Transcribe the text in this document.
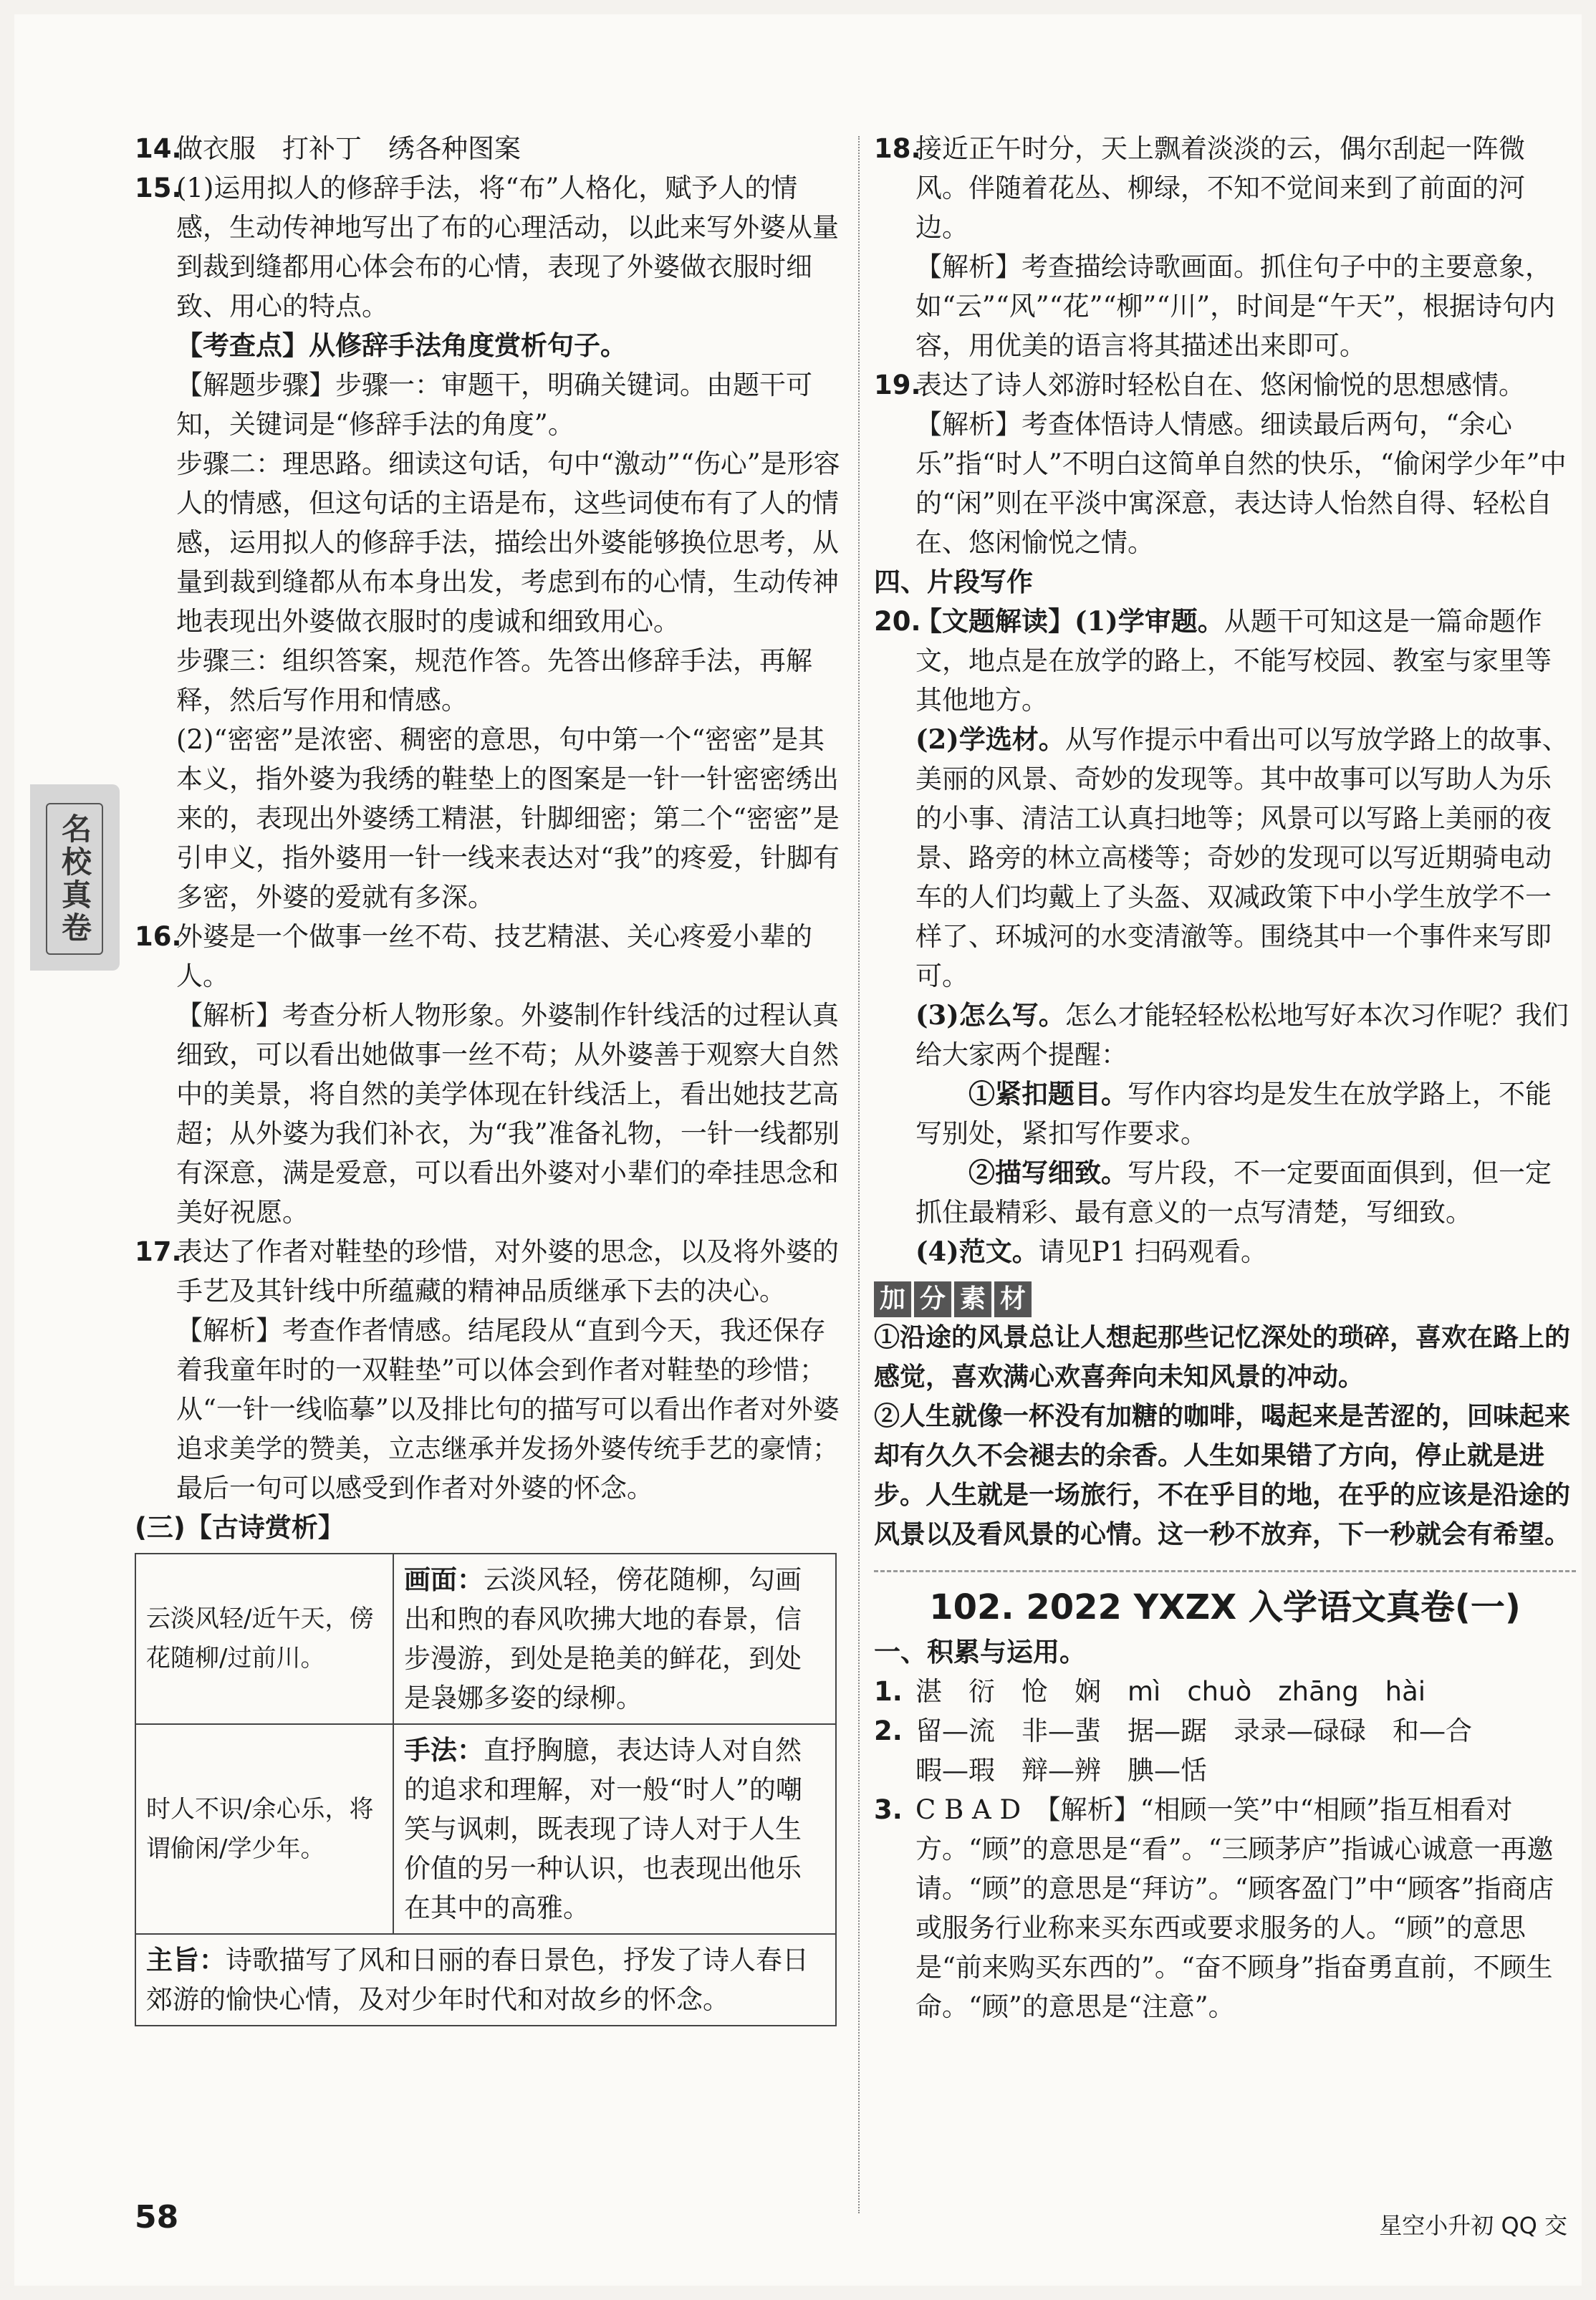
名校真卷

14.
做衣服　打补丁　绣各种图案

15.
(1)运用拟人的修辞手法，将“布”人格化，赋予人的情感，生动传神地写出了布的心理活动，以此来写外婆从量到裁到缝都用心体会布的心情，表现了外婆做衣服时细致、用心的特点。

【考查点】从修辞手法角度赏析句子。

【解题步骤】步骤一：审题干，明确关键词。由题干可知，关键词是“修辞手法的角度”。

步骤二：理思路。细读这句话，句中“激动”“伤心”是形容人的情感，但这句话的主语是布，这些词使布有了人的情感，运用拟人的修辞手法，描绘出外婆能够换位思考，从量到裁到缝都从布本身出发，考虑到布的心情，生动传神地表现出外婆做衣服时的虔诚和细致用心。

步骤三：组织答案，规范作答。先答出修辞手法，再解释，然后写作用和情感。

(2)“密密”是浓密、稠密的意思，句中第一个“密密”是其本义，指外婆为我绣的鞋垫上的图案是一针一针密密绣出来的，表现出外婆绣工精湛，针脚细密；第二个“密密”是引申义，指外婆用一针一线来表达对“我”的疼爱，针脚有多密，外婆的爱就有多深。

16.
外婆是一个做事一丝不苟、技艺精湛、关心疼爱小辈的人。

【解析】考查分析人物形象。外婆制作针线活的过程认真细致，可以看出她做事一丝不苟；从外婆善于观察大自然中的美景，将自然的美学体现在针线活上，看出她技艺高超；从外婆为我们补衣，为“我”准备礼物，一针一线都别有深意，满是爱意，可以看出外婆对小辈们的牵挂思念和美好祝愿。

17.
表达了作者对鞋垫的珍惜，对外婆的思念，以及将外婆的手艺及其针线中所蕴藏的精神品质继承下去的决心。

【解析】考查作者情感。结尾段从“直到今天，我还保存着我童年时的一双鞋垫”可以体会到作者对鞋垫的珍惜；从“一针一线临摹”以及排比句的描写可以看出作者对外婆追求美学的赞美，立志继承并发扬外婆传统手艺的豪情；最后一句可以感受到作者对外婆的怀念。

(三)【古诗赏析】

云淡风轻/近午天，傍花随柳/过前川。	画面：云淡风轻，傍花随柳，勾画出和煦的春风吹拂大地的春景，信步漫游，到处是艳美的鲜花，到处是袅娜多姿的绿柳。
时人不识/余心乐，将谓偷闲/学少年。	手法：直抒胸臆，表达诗人对自然的追求和理解，对一般“时人”的嘲笑与讽刺，既表现了诗人对于人生价值的另一种认识，也表现出他乐在其中的高雅。
主旨：诗歌描写了风和日丽的春日景色，抒发了诗人春日郊游的愉快心情，及对少年时代和对故乡的怀念。	

18.
接近正午时分，天上飘着淡淡的云，偶尔刮起一阵微风。伴随着花丛、柳绿，不知不觉间来到了前面的河边。

【解析】考查描绘诗歌画面。抓住句子中的主要意象，如“云”“风”“花”“柳”“川”，时间是“午天”，根据诗句内容，用优美的语言将其描述出来即可。

19.
表达了诗人郊游时轻松自在、悠闲愉悦的思想感情。

【解析】考查体悟诗人情感。细读最后两句，“余心乐”指“时人”不明白这简单自然的快乐，“偷闲学少年”中的“闲”则在平淡中寓深意，表达诗人怡然自得、轻松自在、悠闲愉悦之情。

四、片段写作

20.
【文题解读】(1)学审题。从题干可知这是一篇命题作文，地点是在放学的路上，不能写校园、教室与家里等其他地方。

(2)学选材。从写作提示中看出可以写放学路上的故事、美丽的风景、奇妙的发现等。其中故事可以写助人为乐的小事、清洁工认真扫地等；风景可以写路上美丽的夜景、路旁的林立高楼等；奇妙的发现可以写近期骑电动车的人们均戴上了头盔、双减政策下中小学生放学不一样了、环城河的水变清澈等。围绕其中一个事件来写即可。

(3)怎么写。怎么才能轻轻松松地写好本次习作呢？我们给大家两个提醒：

①紧扣题目。写作内容均是发生在放学路上，不能写别处，紧扣写作要求。

②描写细致。写片段，不一定要面面俱到，但一定抓住最精彩、最有意义的一点写清楚，写细致。

(4)范文。请见P1 扫码观看。

加 分 素 材

①沿途的风景总让人想起那些记忆深处的琐碎，喜欢在路上的感觉，喜欢满心欢喜奔向未知风景的冲动。

②人生就像一杯没有加糖的咖啡，喝起来是苦涩的，回味起来却有久久不会褪去的余香。人生如果错了方向，停止就是进步。人生就是一场旅行，不在乎目的地，在乎的应该是沿途的风景以及看风景的心情。这一秒不放弃，下一秒就会有希望。

102. 2022 YXZX 入学语文真卷(一)

一、积累与运用。

1. 湛　衍　怆　娴　mì　chuò　zhāng　hài

2. 留—流　非—蜚　据—踞　录录—碌碌　和—合

暇—瑕　辩—辨　腆—恬

3. C B A D　【解析】“相顾一笑”中“相顾”指互相看对方。“顾”的意思是“看”。“三顾茅庐”指诚心诚意一再邀请。“顾”的意思是“拜访”。“顾客盈门”中“顾客”指商店或服务行业称来买东西或要求服务的人。“顾”的意思是“前来购买东西的”。“奋不顾身”指奋勇直前，不顾生命。“顾”的意思是“注意”。

58	星空小升初 QQ 交
